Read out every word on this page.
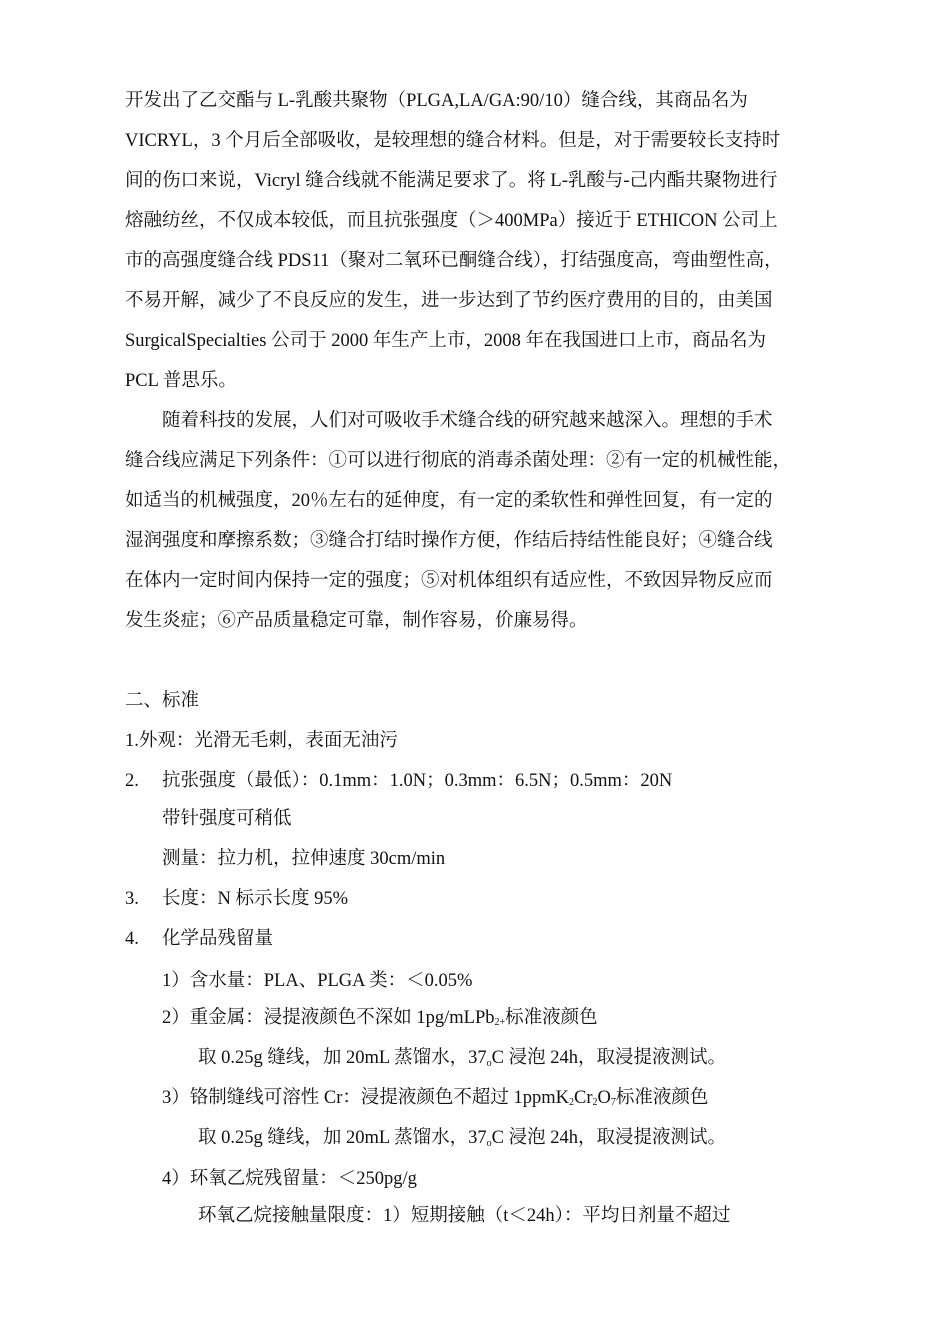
开发出了乙交酯与 L-乳酸共聚物（PLGA,LA/GA:90/10）缝合线，其商品名为
VICRYL，3 个月后全部吸收，是较理想的缝合材料。但是，对于需要较长支持时
间的伤口来说，Vicryl 缝合线就不能满足要求了。将 L-乳酸与-己内酯共聚物进行
熔融纺丝，不仅成本较低，而且抗张强度（＞400MPa）接近于 ETHICON 公司上
市的高强度缝合线 PDS11（聚对二氧环已酮缝合线），打结强度高，弯曲塑性高，
不易开解，减少了不良反应的发生，进一步达到了节约医疗费用的目的，由美国
SurgicalSpecialties 公司于 2000 年生产上市，2008 年在我国进口上市，商品名为
PCL 普思乐。
随着科技的发展，人们对可吸收手术缝合线的研究越来越深入。理想的手术
缝合线应满足下列条件：①可以进行彻底的消毒杀菌处理：②有一定的机械性能，
如适当的机械强度，20％左右的延伸度，有一定的柔软性和弹性回复，有一定的
湿润强度和摩擦系数；③缝合打结时操作方便，作结后持结性能良好；④缝合线
在体内一定时间内保持一定的强度；⑤对机体组织有适应性，不致因异物反应而
发生炎症；⑥产品质量稳定可靠，制作容易，价廉易得。
二、标准
1.外观：光滑无毛刺，表面无油污
2. 抗张强度（最低）：0.1mm：1.0N；0.3mm：6.5N；0.5mm：20N
带针强度可稍低
测量：拉力机，拉伸速度 30cm/min
3. 长度：N 标示长度 95%
4. 化学品残留量
1）含水量：PLA、PLGA 类：＜0.05%
2）重金属：浸提液颜色不深如 1pg/mLPb$_{2+}$标准液颜色
取 0.25g 缝线，加 20mL 蒸馏水，37oC 浸泡 24h，取浸提液测试。
3）铬制缝线可溶性 Cr：浸提液颜色不超过 $1ppmK_2Cr_2O_7$标准液颜色
取 0.25g 缝线，加 20mL 蒸馏水，37oC 浸泡 24h，取浸提液测试。
4）环氧乙烷残留量：＜250pg/g
环氧乙烷接触量限度：1）短期接触（t＜24h）：平均日剂量不超过
